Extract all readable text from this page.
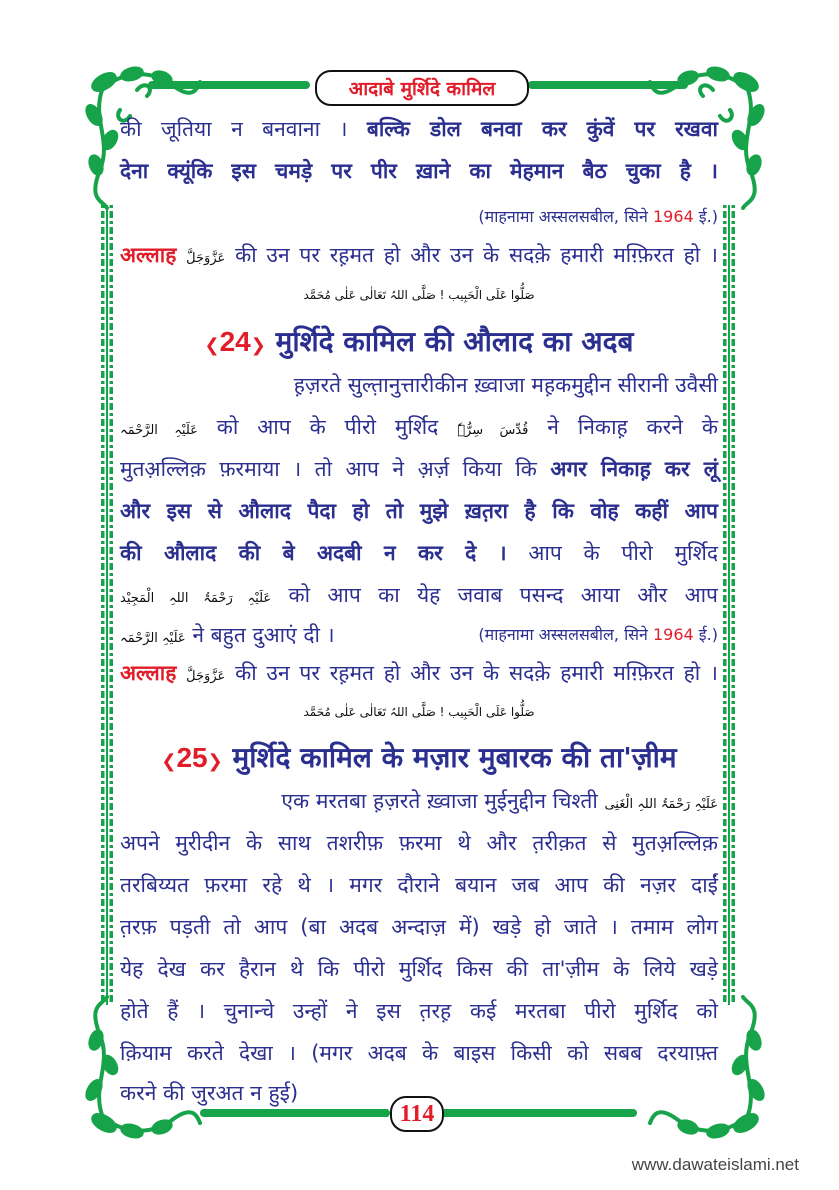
आदाबे मुर्शिदे कामिल
की जूतिया न बनवाना । बल्कि डोल बनवा कर कुंवें पर रखवा
देना क्यूंकि इस चमड़े पर पीर ख़ाने का मेहमान बैठ चुका है ।
(माहनामा अस्सलसबील, सिने 1964 ई.)
अल्लाह عَزَّوَجَلَّ की उन पर रह़मत हो और उन के सदक़े हमारी मग़्फ़िरत हो ।
صَلُّوا عَلَی الْحَبِیب ! صَلَّی اللہُ تَعَالٰی عَلٰی مُحَمَّد
❮24❯ मुर्शिदे कामिल की औलाद का अदब
ह़ज़रते सुल्त़ानुत्तारीकीन ख़्वाजा मह़कमुद्दीन सीरानी उवैसी
عَلَیْہِ الرَّحْمَہ को आप के पीरो मुर्शिद قُدِّسَ سِرُّہٗ ने निकाह़ करने के
मुतअ़ल्लिक़ फ़रमाया । तो आप ने अ़र्ज़ किया कि अगर निकाह़ कर लूं
और इस से औलाद पैदा हो तो मुझे ख़त़रा है कि वोह कहीं आप
की औलाद की बे अदबी न कर दे । आप के पीरो मुर्शिद
عَلَیْہِ رَحْمَۃُ اللہِ الْمَجِیْد को आप का येह जवाब पसन्द आया और आप
عَلَیْہِ الرَّحْمَہ ने बहुत दुआएं दी ।	(माहनामा अस्सलसबील, सिने 1964 ई.)
अल्लाह عَزَّوَجَلَّ की उन पर रह़मत हो और उन के सदक़े हमारी मग़्फ़िरत हो ।
صَلُّوا عَلَی الْحَبِیب ! صَلَّی اللہُ تَعَالٰی عَلٰی مُحَمَّد
❮25❯ मुर्शिदे कामिल के मज़ार मुबारक की ता'ज़ीम
एक मरतबा ह़ज़रते ख़्वाजा मुईनुद्दीन चिश्ती عَلَیْہِ رَحْمَۃُ اللہِ الْغَنِی
अपने मुरीदीन के साथ तशरीफ़ फ़रमा थे और त़रीक़त से मुतअ़ल्लिक़
तरबिय्यत फ़रमा रहे थे । मगर दौराने बयान जब आप की नज़र दाईं
त़रफ़ पड़ती तो आप (बा अदब अन्दाज़ में) खड़े हो जाते । तमाम लोग
येह देख कर हैरान थे कि पीरो मुर्शिद किस की ता'ज़ीम के लिये खड़े
होते हैं । चुनान्चे उन्हों ने इस त़रह़ कई मरतबा पीरो मुर्शिद को
क़ियाम करते देखा । (मगर अदब के बाइस किसी को सबब दरयाफ़्त
करने की जुरअत न हुई)
114
www.dawateislami.net
